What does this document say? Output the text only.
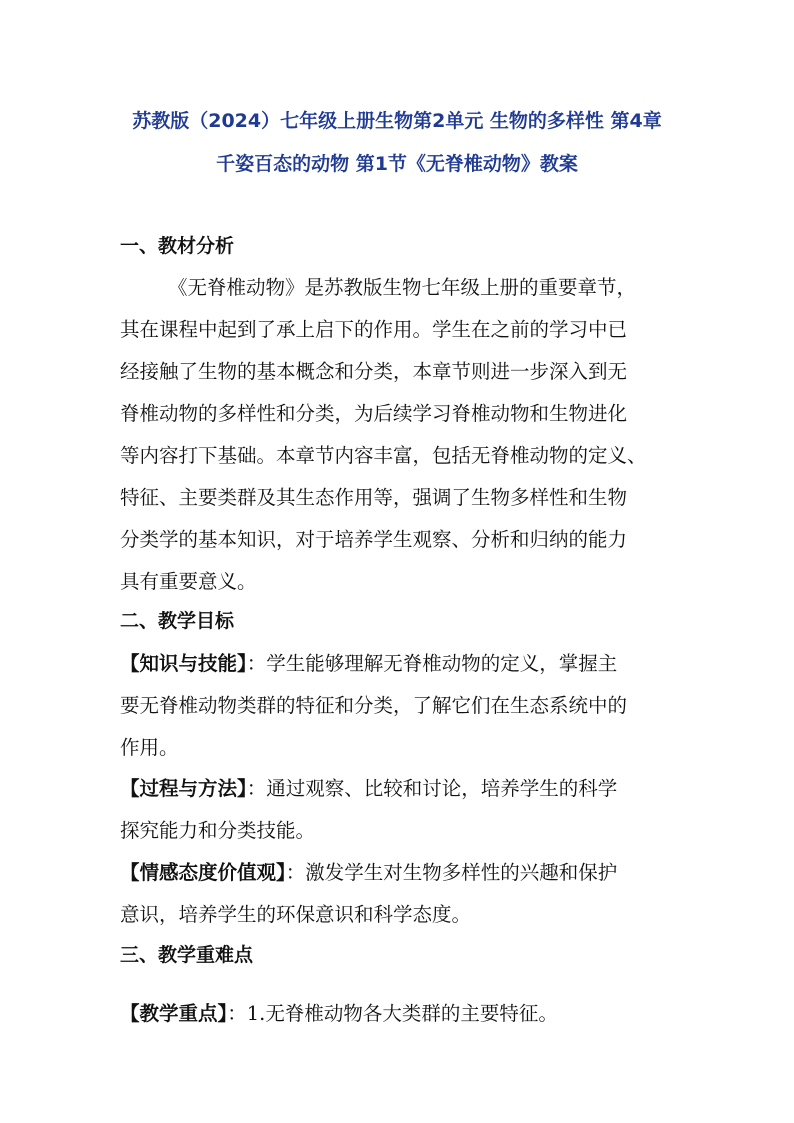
苏教版（2024）七年级上册生物第2单元 生物的多样性 第4章
千姿百态的动物 第1节《无脊椎动物》教案
一、教材分析
《无脊椎动物》是苏教版生物七年级上册的重要章节，
其在课程中起到了承上启下的作用。学生在之前的学习中已
经接触了生物的基本概念和分类，本章节则进一步深入到无
脊椎动物的多样性和分类，为后续学习脊椎动物和生物进化
等内容打下基础。本章节内容丰富，包括无脊椎动物的定义、
特征、主要类群及其生态作用等，强调了生物多样性和生物
分类学的基本知识，对于培养学生观察、分析和归纳的能力
具有重要意义。
二、教学目标
【知识与技能】：学生能够理解无脊椎动物的定义，掌握主
要无脊椎动物类群的特征和分类，了解它们在生态系统中的
作用。
【过程与方法】：通过观察、比较和讨论，培养学生的科学
探究能力和分类技能。
【情感态度价值观】：激发学生对生物多样性的兴趣和保护
意识，培养学生的环保意识和科学态度。
三、教学重难点
【教学重点】：1.无脊椎动物各大类群的主要特征。
